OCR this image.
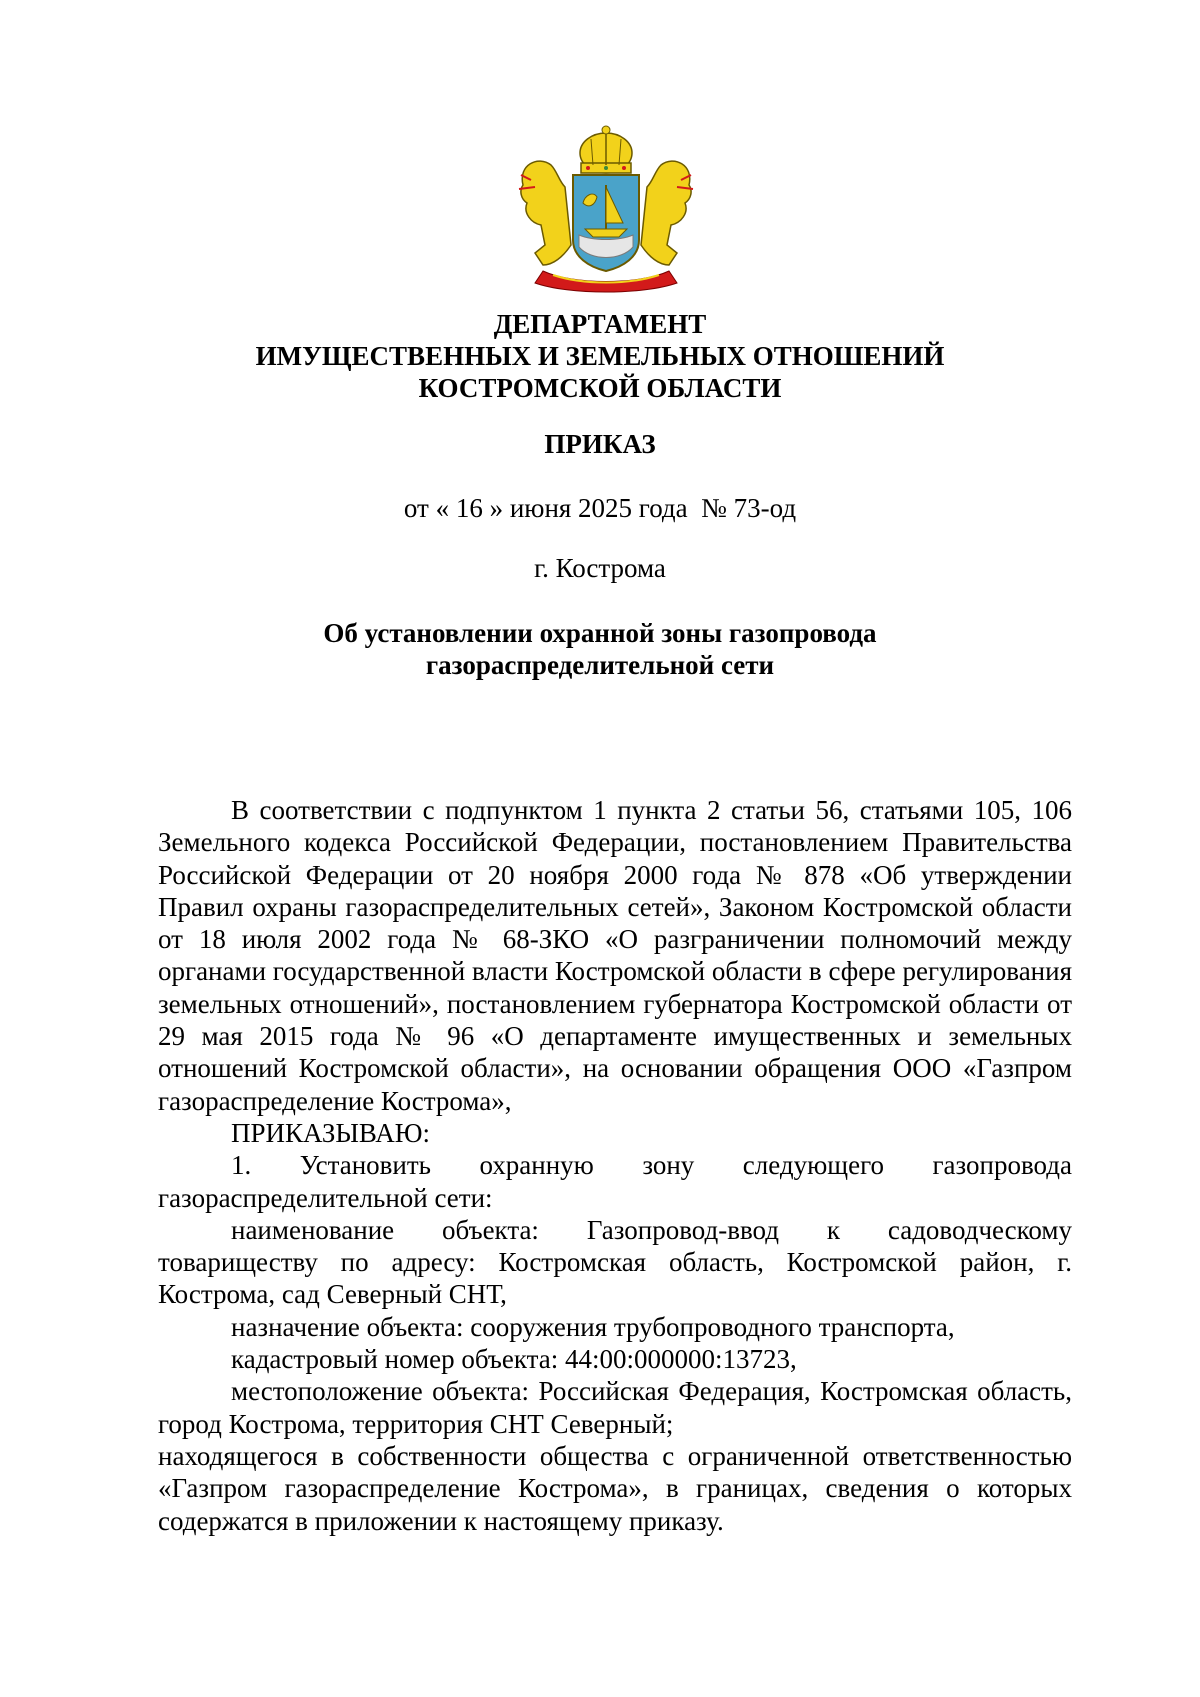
ДЕПАРТАМЕНТ
ИМУЩЕСТВЕННЫХ И ЗЕМЕЛЬНЫХ ОТНОШЕНИЙ
КОСТРОМСКОЙ ОБЛАСТИ
ПРИКАЗ
от « 16 » июня 2025 года  № 73-од
г. Кострома
Об установлении охранной зоны газопровода
газораспределительной сети

В соответствии с подпунктом 1 пункта 2 статьи 56, статьями 105, 106 Земельного кодекса Российской Федерации, постановлением Правительства Российской Федерации от 20 ноября 2000 года № 878 «Об утверждении Правил охраны газораспределительных сетей», Законом Костромской области от 18 июля 2002 года № 68-ЗКО «О разграничении полномочий между органами государственной власти Костромской области в сфере регулирования земельных отношений», постановлением губернатора Костромской области от 29 мая 2015 года № 96 «О департаменте имущественных и земельных отношений Костромской области», на основании обращения ООО «Газпром газораспределение Кострома»,

ПРИКАЗЫВАЮ:

1. Установить охранную зону следующего газопровода газораспределительной сети:

наименование объекта: Газопровод-ввод к садоводческому товариществу по адресу: Костромская область, Костромской район, г. Кострома, сад Северный СНТ,

назначение объекта: сооружения трубопроводного транспорта,

кадастровый номер объекта: 44:00:000000:13723,

местоположение объекта: Российская Федерация, Костромская область, город Кострома, территория СНТ Северный;

находящегося в собственности общества с ограниченной ответственностью «Газпром газораспределение Кострома», в границах, сведения о которых содержатся в приложении к настоящему приказу.
